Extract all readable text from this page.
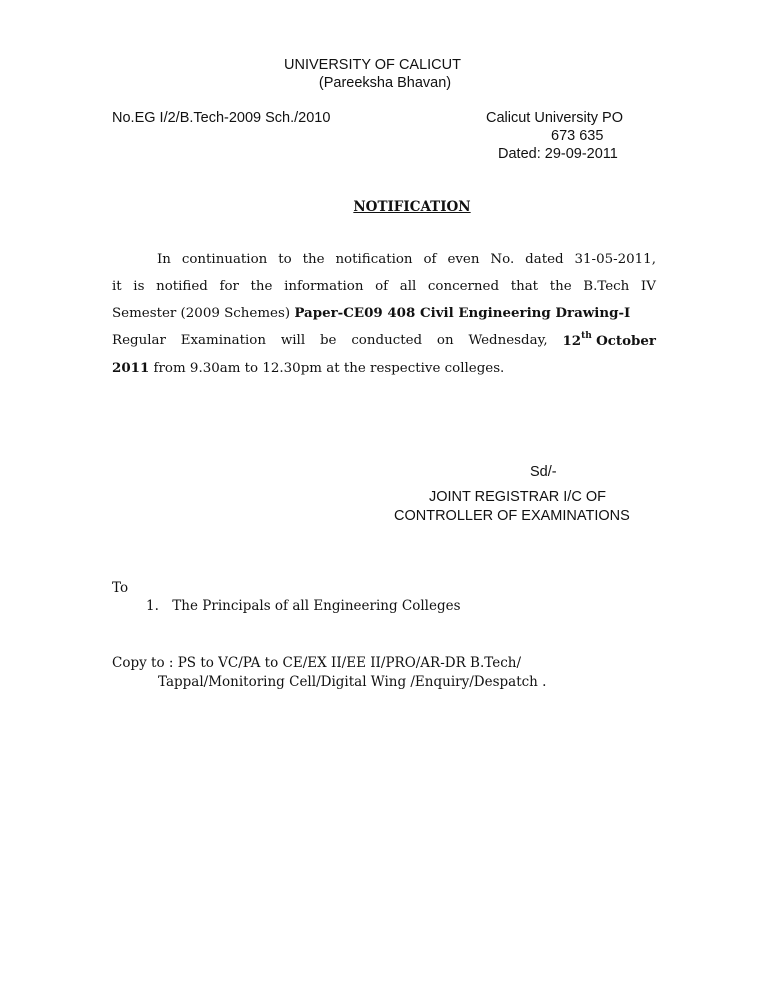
UNIVERSITY OF CALICUT
(Pareeksha Bhavan)
No.EG I/2/B.Tech-2009 Sch./2010	Calicut University PO
673 635
Dated: 29-09-2011
NOTIFICATION
In continuation to the notification of even No. dated 31-05-2011,
it is notified for the information of all concerned that the B.Tech IV
Semester (2009 Schemes) Paper-CE09 408 Civil Engineering Drawing-I
Regular Examination will be conducted on Wednesday, 12th October
2011 from 9.30am to 12.30pm at the respective colleges.
Sd/-
JOINT REGISTRAR I/C OF
CONTROLLER OF EXAMINATIONS
To
1. The Principals of all Engineering Colleges
Copy to : PS to VC/PA to CE/EX II/EE II/PRO/AR-DR B.Tech/
Tappal/Monitoring Cell/Digital Wing /Enquiry/Despatch .
